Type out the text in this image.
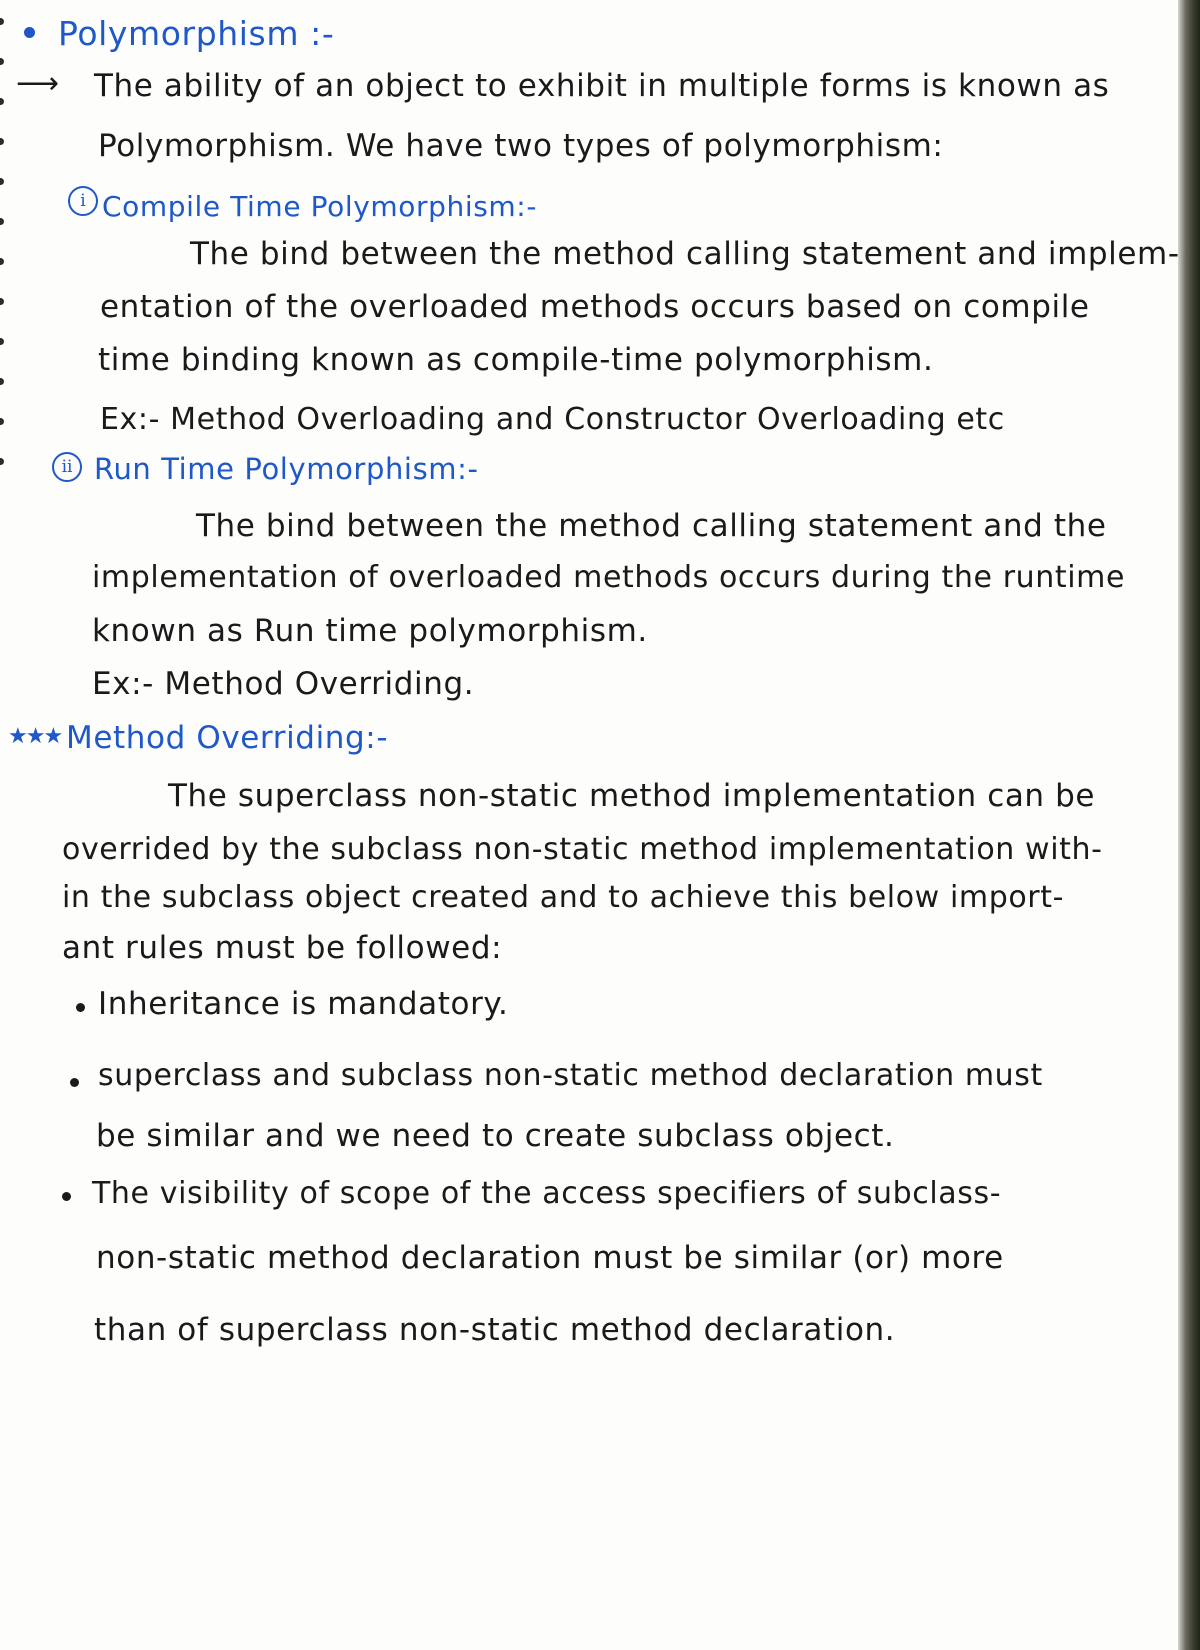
Polymorphism :-
⟶ The ability of an object to exhibit in multiple forms is known as
Polymorphism. We have two types of polymorphism:
i Compile Time Polymorphism:-
The bind between the method calling statement and implem-
entation of the overloaded methods occurs based on compile
time binding known as compile-time polymorphism.
Ex:- Method Overloading and Constructor Overloading etc
ii Run Time Polymorphism:-
The bind between the method calling statement and the
implementation of overloaded methods occurs during the runtime
known as Run time polymorphism.
Ex:- Method Overriding.
★★★ Method Overriding:-
The superclass non-static method implementation can be
overrided by the subclass non-static method implementation with-
in the subclass object created and to achieve this below import-
ant rules must be followed:
Inheritance is mandatory.
superclass and subclass non-static method declaration must
be similar and we need to create subclass object.
The visibility of scope of the access specifiers of subclass-
non-static method declaration must be similar (or) more
than of superclass non-static method declaration.
